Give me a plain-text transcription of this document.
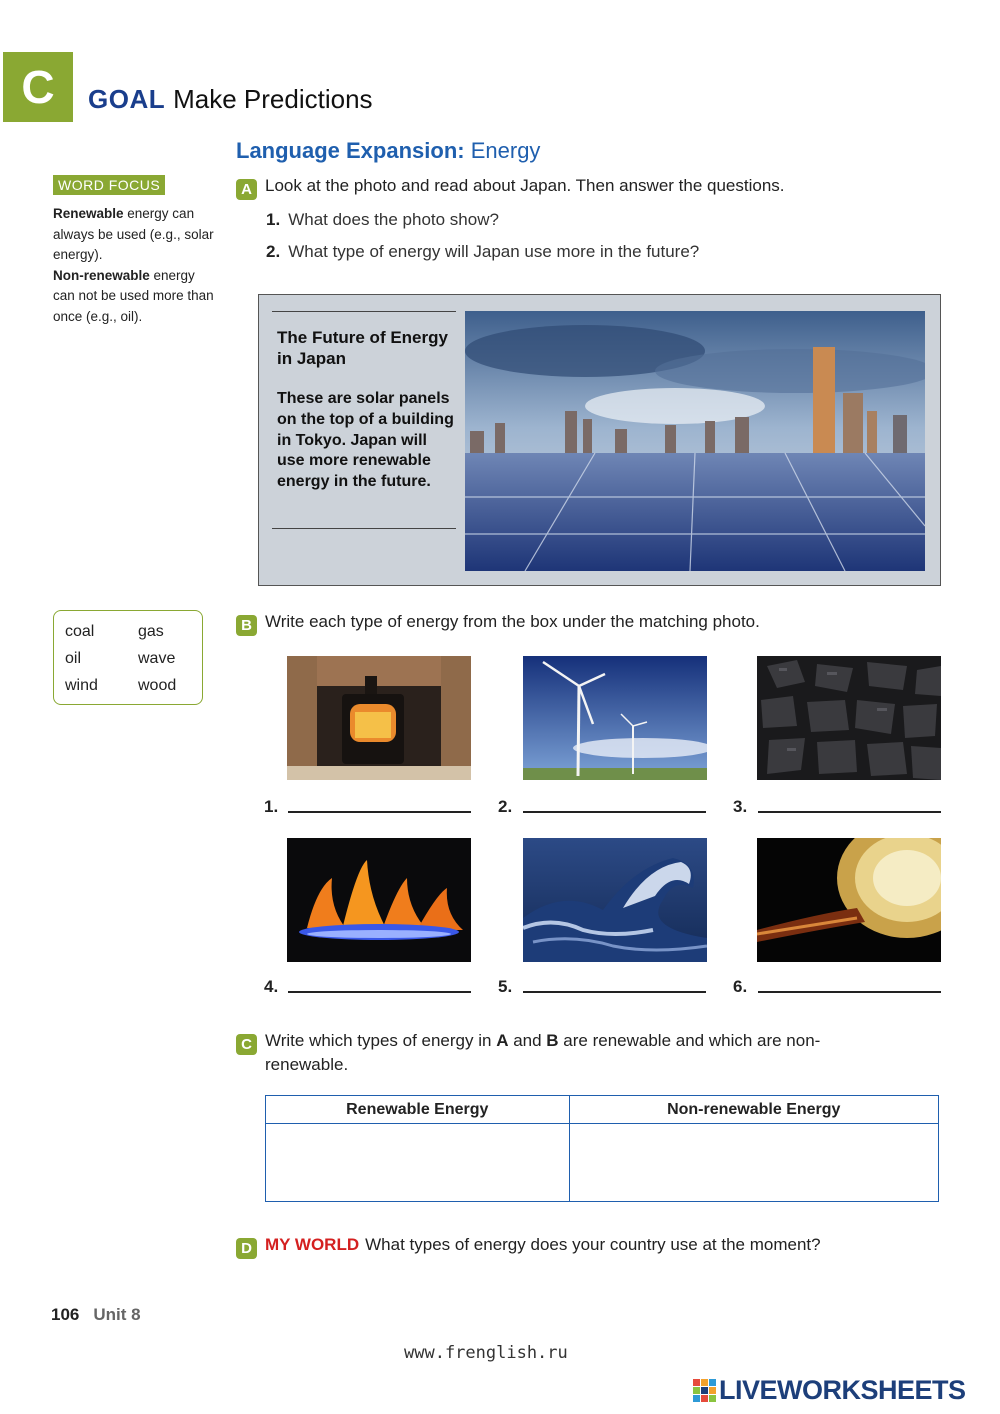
C	GOAL Make Predictions
Language Expansion: Energy
WORD FOCUS
Renewable energy can always be used (e.g., solar energy).
Non-renewable energy can not be used more than once (e.g., oil).
A Look at the photo and read about Japan. Then answer the questions.
1. What does the photo show?
2. What type of energy will Japan use more in the future?
The Future of Energy in Japan
These are solar panels on the top of a building in Tokyo. Japan will use more renewable energy in the future.
coal	gas
oil	wave
wind	wood
B Write each type of energy from the box under the matching photo.
1.	2.	3.
4.	5.	6.
C Write which types of energy in A and B are renewable and which are non-
renewable.
Renewable Energy	Non-renewable Energy

D MY WORLD What types of energy does your country use at the moment?
106 Unit 8
www.frenglish.ru
LIVEWORKSHEETS
